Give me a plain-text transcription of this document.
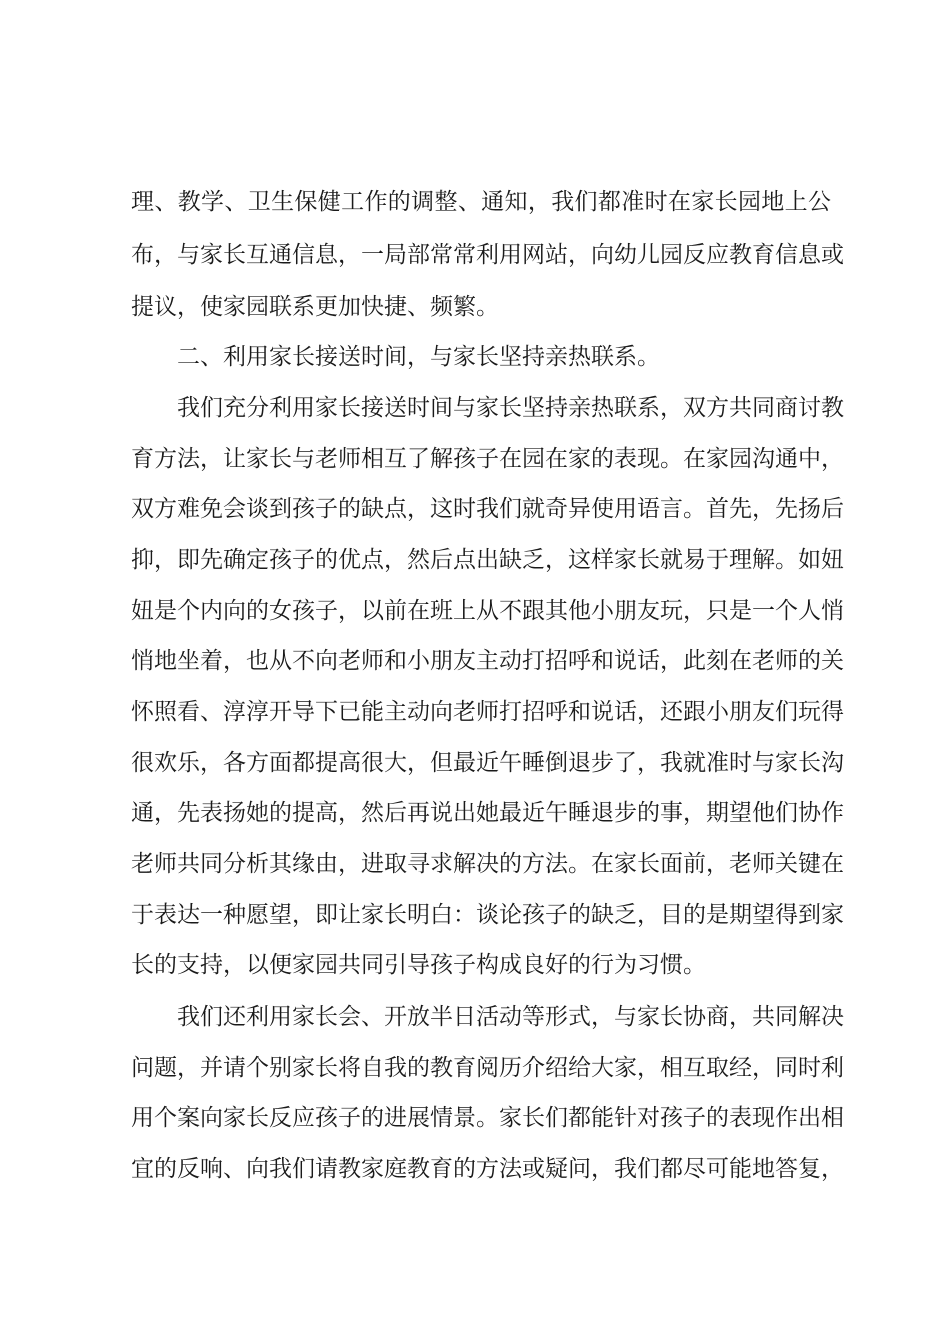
理、教学、卫生保健工作的调整、通知，我们都准时在家长园地上公
布，与家长互通信息，一局部常常利用网站，向幼儿园反应教育信息或
提议，使家园联系更加快捷、频繁。
二、利用家长接送时间，与家长坚持亲热联系。
我们充分利用家长接送时间与家长坚持亲热联系，双方共同商讨教
育方法，让家长与老师相互了解孩子在园在家的表现。在家园沟通中，
双方难免会谈到孩子的缺点，这时我们就奇异使用语言。首先，先扬后
抑，即先确定孩子的优点，然后点出缺乏，这样家长就易于理解。如妞
妞是个内向的女孩子，以前在班上从不跟其他小朋友玩，只是一个人悄
悄地坐着，也从不向老师和小朋友主动打招呼和说话，此刻在老师的关
怀照看、淳淳开导下已能主动向老师打招呼和说话，还跟小朋友们玩得
很欢乐，各方面都提高很大，但最近午睡倒退步了，我就准时与家长沟
通，先表扬她的提高，然后再说出她最近午睡退步的事，期望他们协作
老师共同分析其缘由，进取寻求解决的方法。在家长面前，老师关键在
于表达一种愿望，即让家长明白：谈论孩子的缺乏，目的是期望得到家
长的支持，以便家园共同引导孩子构成良好的行为习惯。
我们还利用家长会、开放半日活动等形式，与家长协商，共同解决
问题，并请个别家长将自我的教育阅历介绍给大家，相互取经，同时利
用个案向家长反应孩子的进展情景。家长们都能针对孩子的表现作出相
宜的反响、向我们请教家庭教育的方法或疑问，我们都尽可能地答复，
